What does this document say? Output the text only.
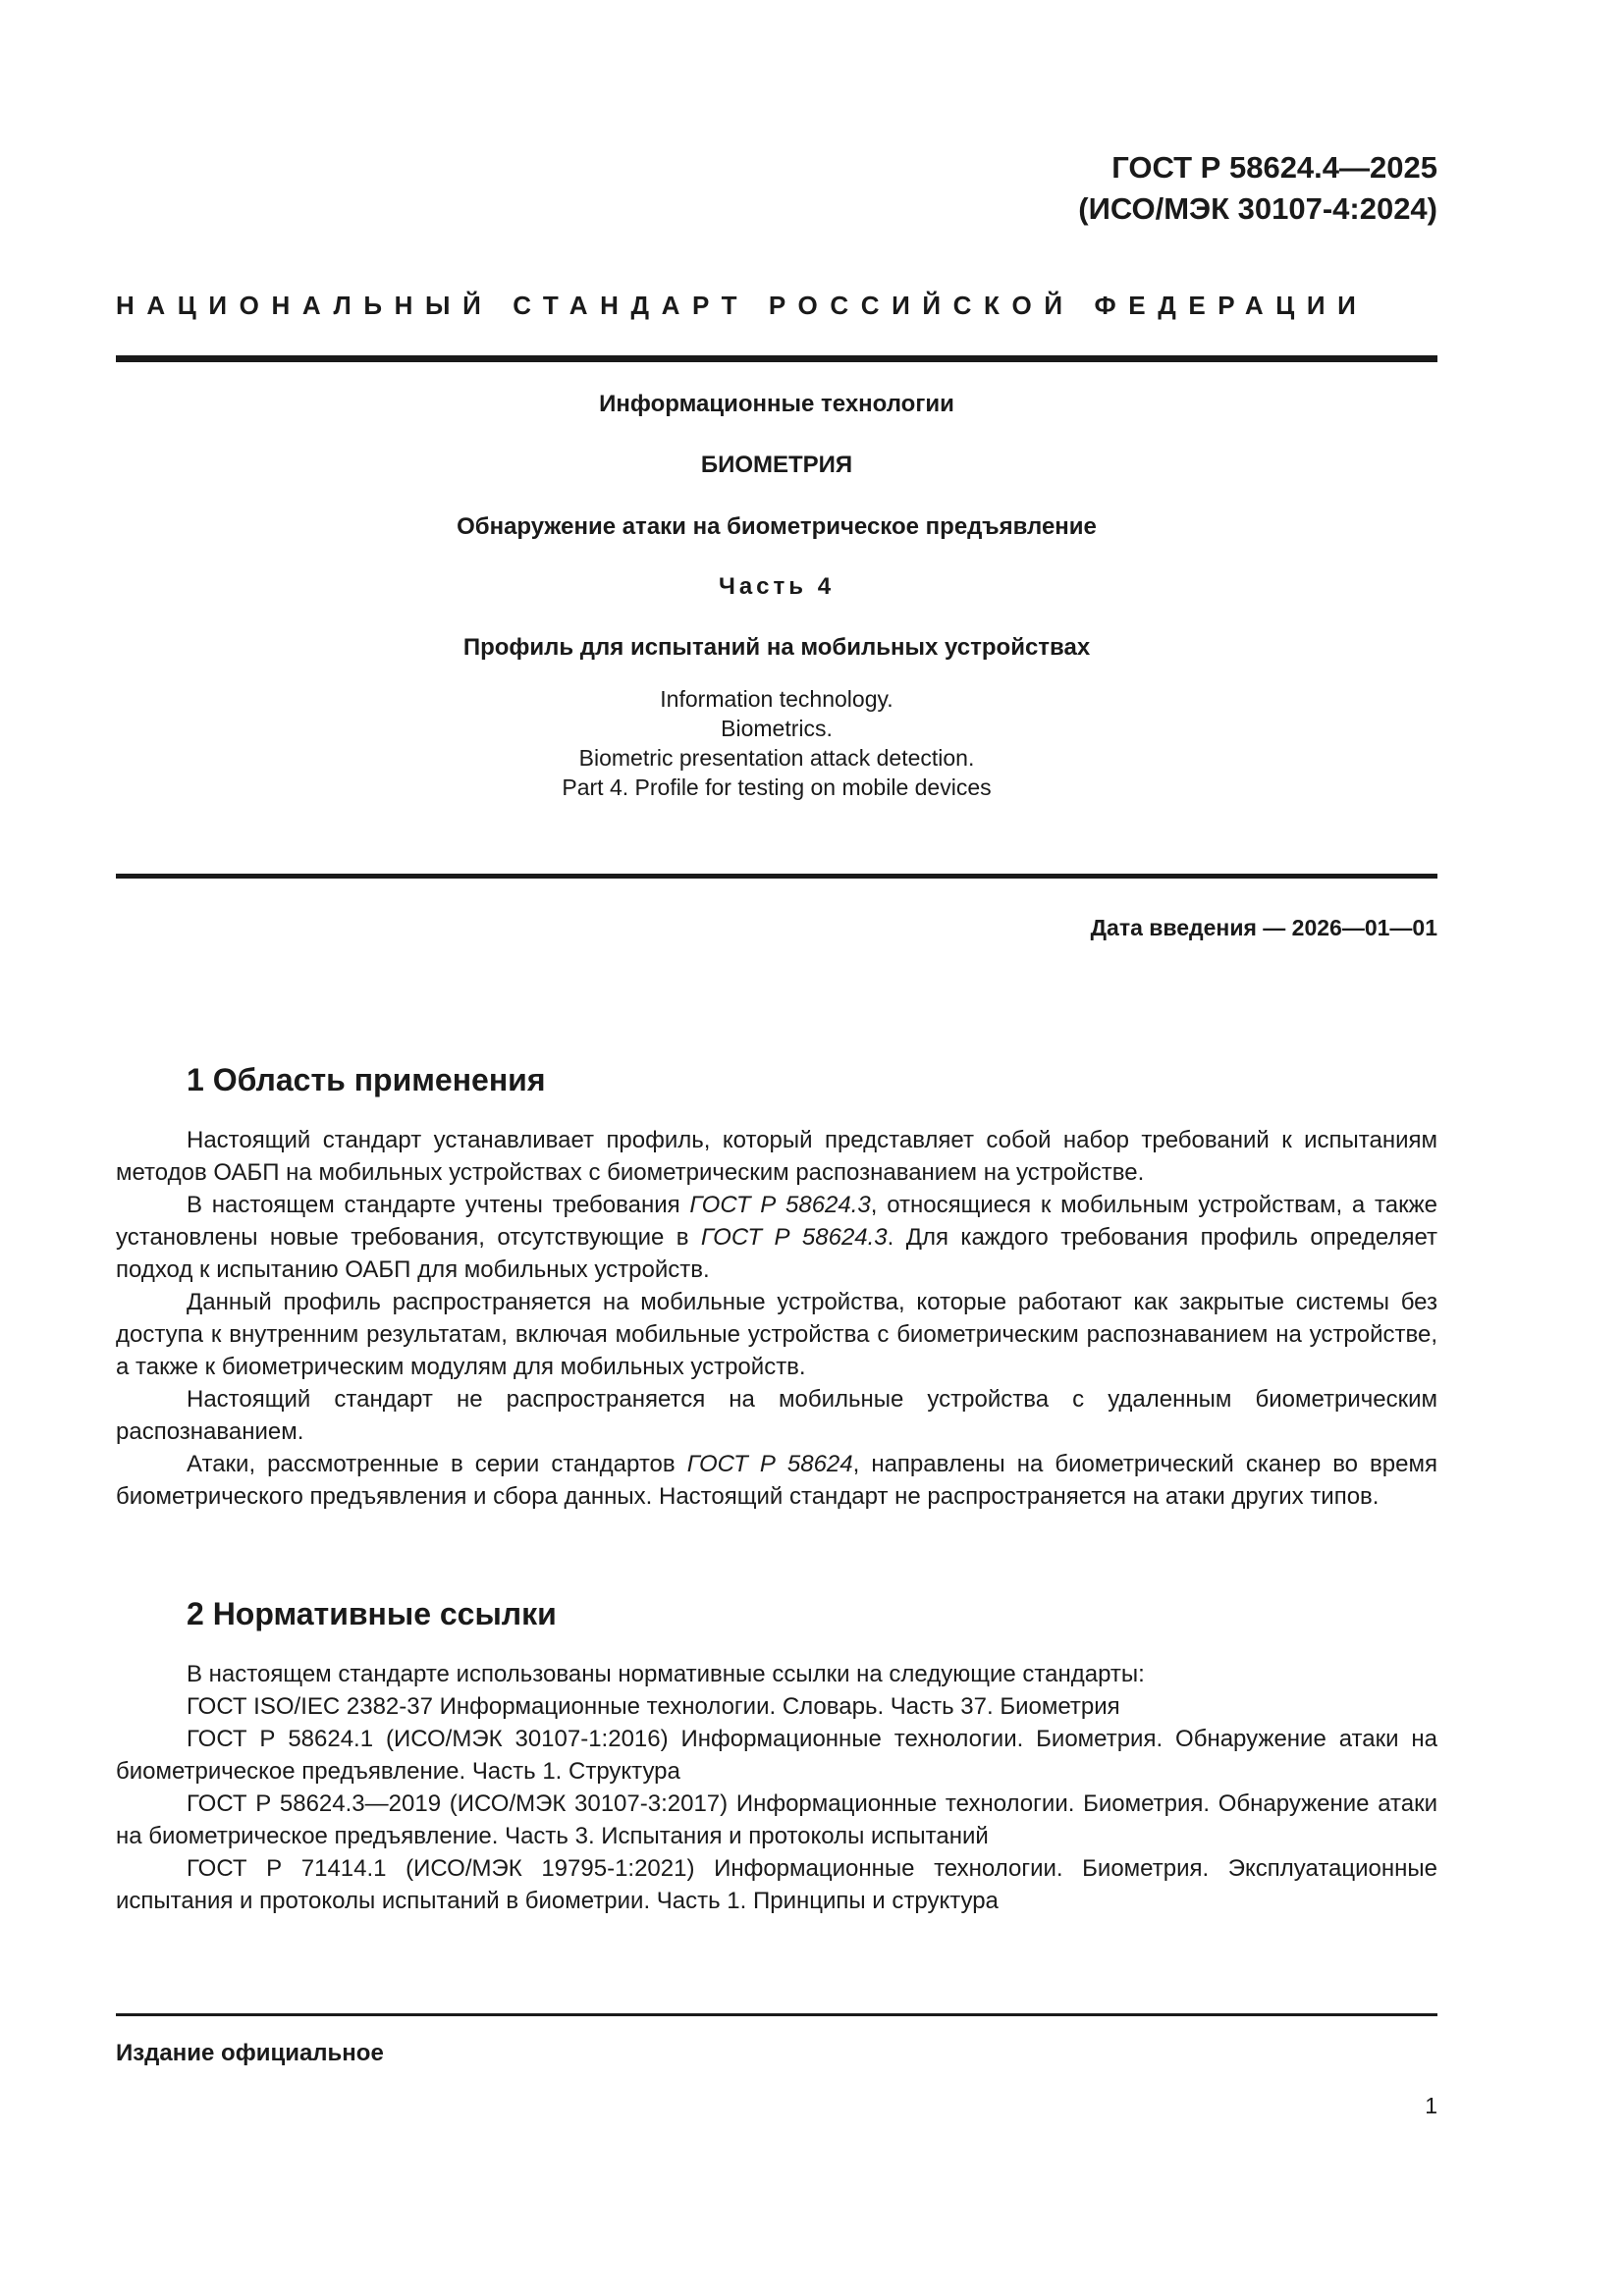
ГОСТ Р 58624.4—2025
(ИСО/МЭК 30107-4:2024)
НАЦИОНАЛЬНЫЙ СТАНДАРТ РОССИЙСКОЙ ФЕДЕРАЦИИ

Информационные технологии

БИОМЕТРИЯ

Обнаружение атаки на биометрическое предъявление

Часть 4

Профиль для испытаний на мобильных устройствах

Information technology.
Biometrics.
Biometric presentation attack detection.
Part 4. Profile for testing on mobile devices
Дата введения — 2026—01—01
1 Область применения

Настоящий стандарт устанавливает профиль, который представляет собой набор требований к испытаниям методов ОАБП на мобильных устройствах с биометрическим распознаванием на устройстве.

В настоящем стандарте учтены требования ГОСТ Р 58624.3, относящиеся к мобильным устройствам, а также установлены новые требования, отсутствующие в ГОСТ Р 58624.3. Для каждого требования профиль определяет подход к испытанию ОАБП для мобильных устройств.

Данный профиль распространяется на мобильные устройства, которые работают как закрытые системы без доступа к внутренним результатам, включая мобильные устройства с биометрическим распознаванием на устройстве, а также к биометрическим модулям для мобильных устройств.

Настоящий стандарт не распространяется на мобильные устройства с удаленным биометрическим распознаванием.

Атаки, рассмотренные в серии стандартов ГОСТ Р 58624, направлены на биометрический сканер во время биометрического предъявления и сбора данных. Настоящий стандарт не распространяется на атаки других типов.

2 Нормативные ссылки

В настоящем стандарте использованы нормативные ссылки на следующие стандарты:

ГОСТ ISO/IEC 2382-37 Информационные технологии. Словарь. Часть 37. Биометрия

ГОСТ Р 58624.1 (ИСО/МЭК 30107-1:2016) Информационные технологии. Биометрия. Обнаружение атаки на биометрическое предъявление. Часть 1. Структура

ГОСТ Р 58624.3—2019 (ИСО/МЭК 30107-3:2017) Информационные технологии. Биометрия. Обнаружение атаки на биометрическое предъявление. Часть 3. Испытания и протоколы испытаний

ГОСТ Р 71414.1 (ИСО/МЭК 19795-1:2021) Информационные технологии. Биометрия. Эксплуатационные испытания и протоколы испытаний в биометрии. Часть 1. Принципы и структура

Издание официальное
1
